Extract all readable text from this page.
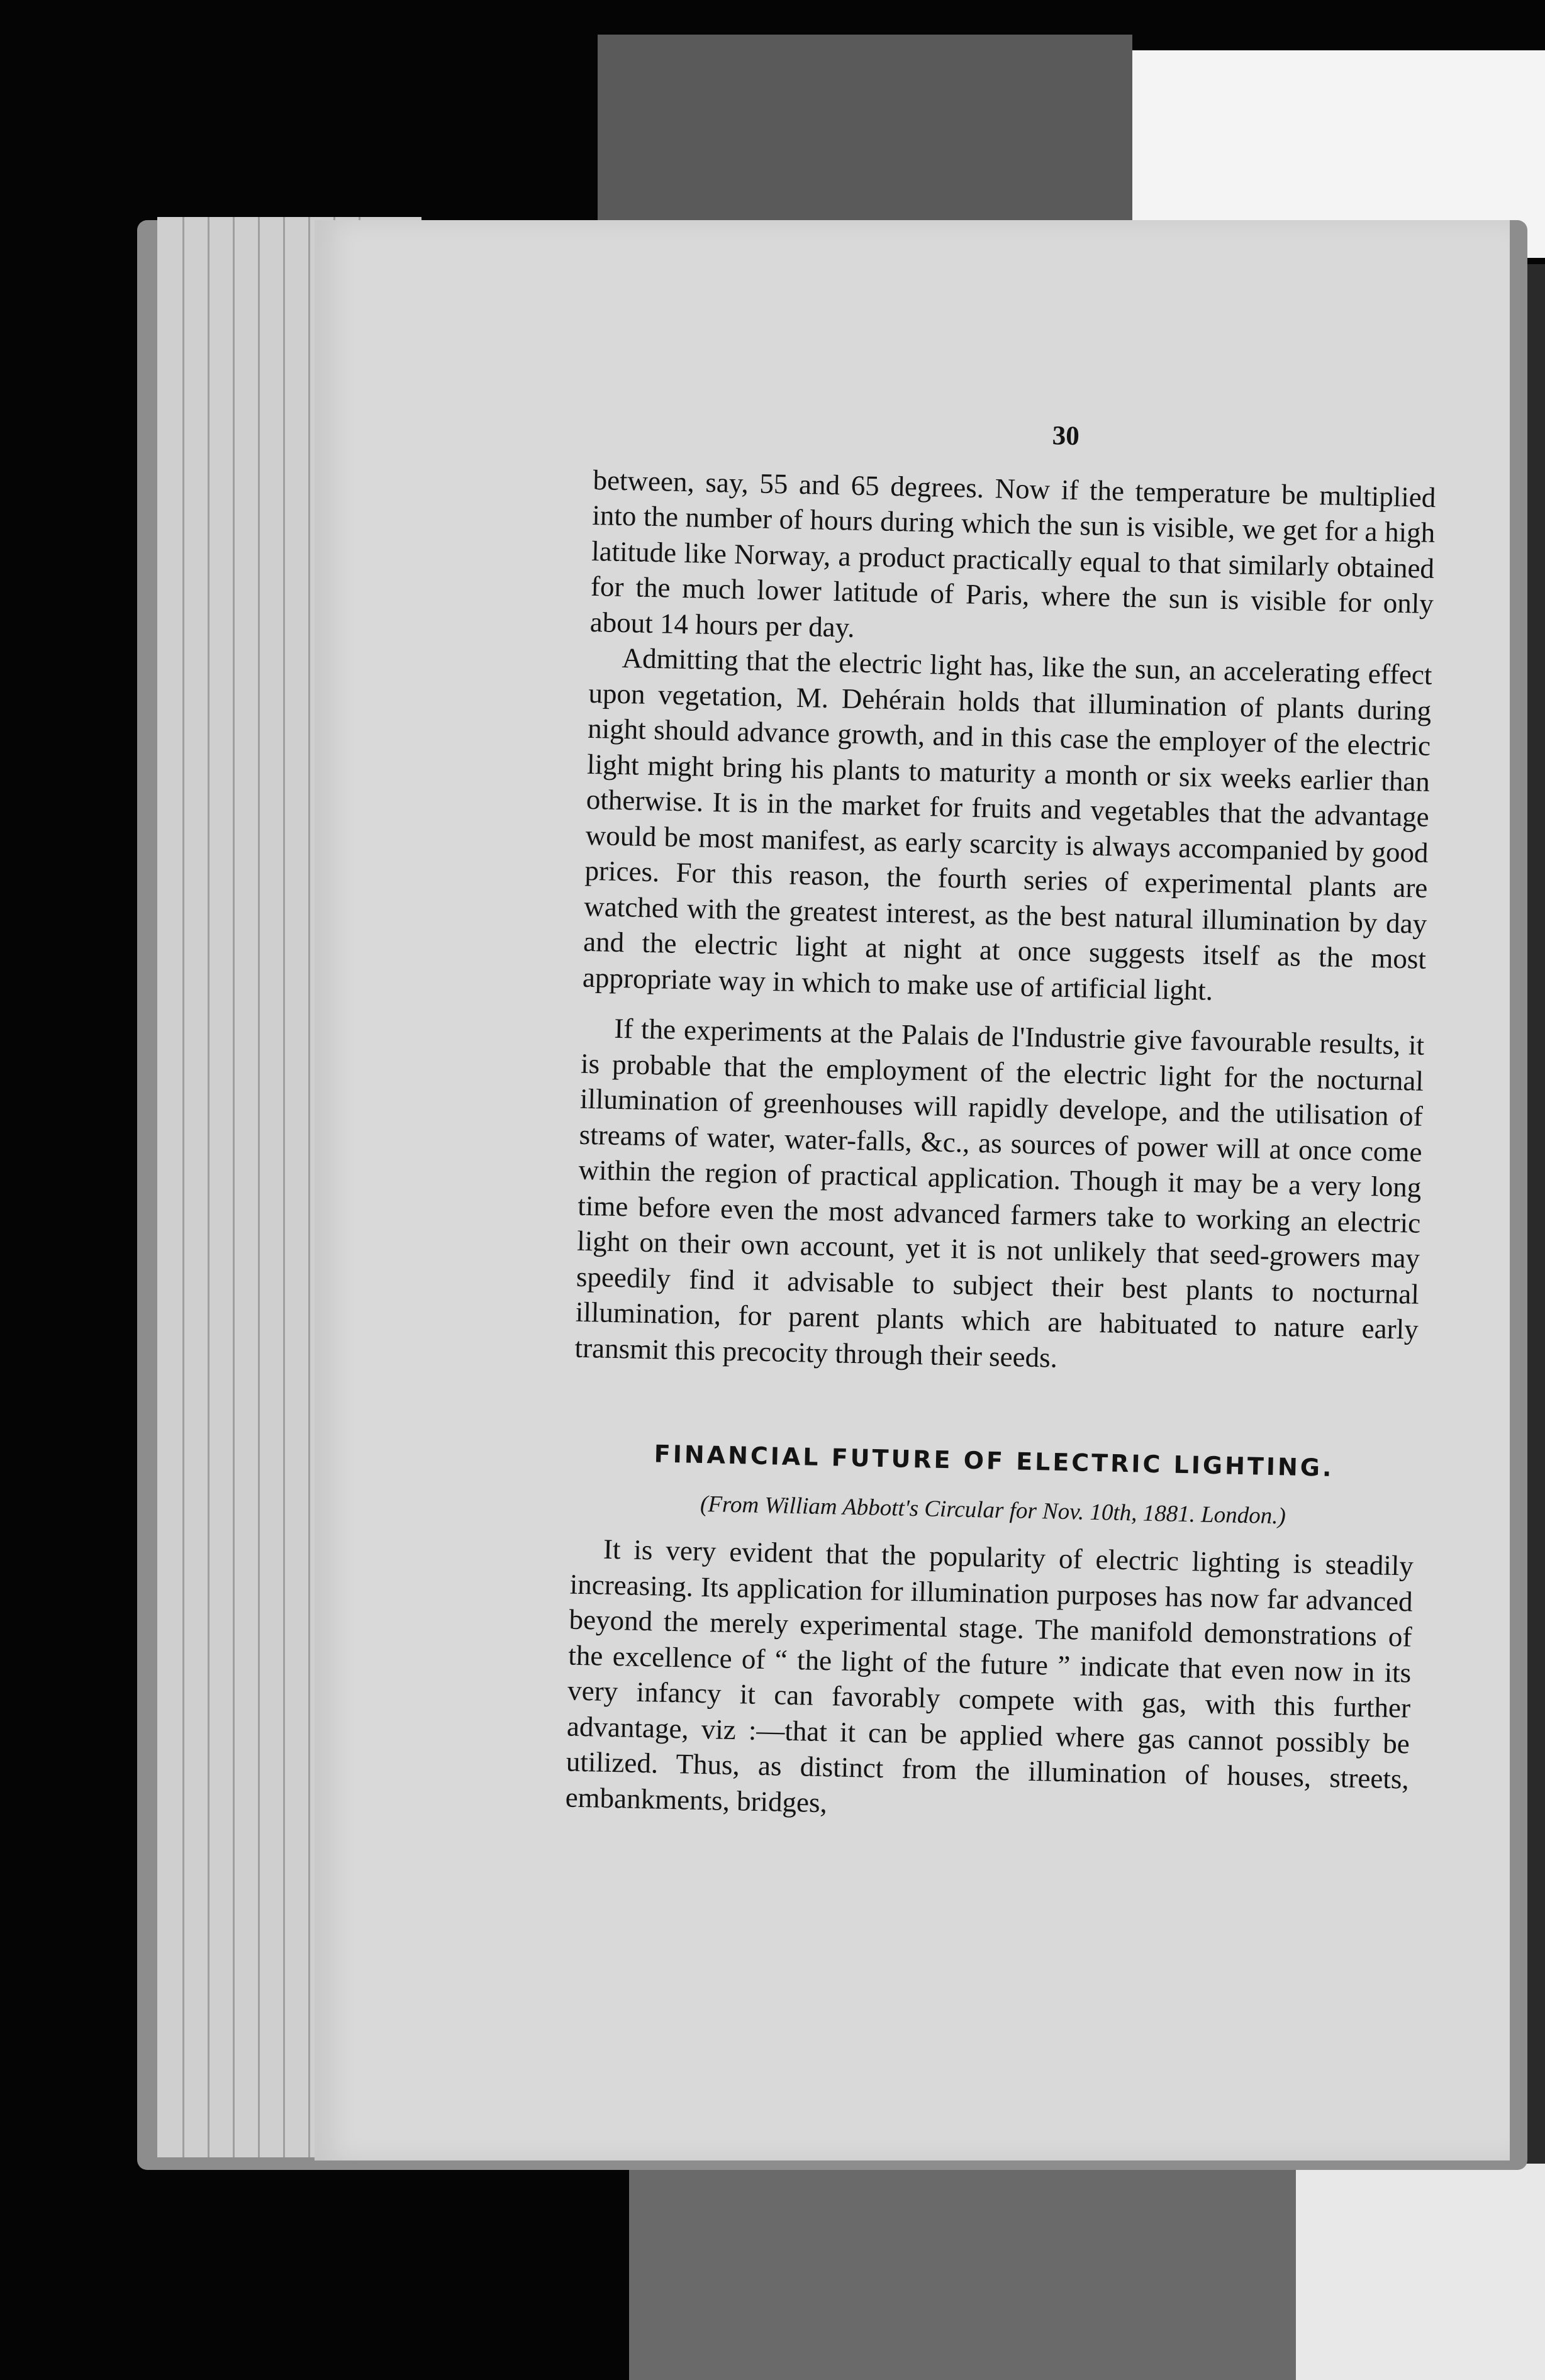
30

between, say, 55 and 65 degrees. Now if the temperature be multiplied into the number of hours during which the sun is visible, we get for a high latitude like Norway, a product practically equal to that similarly obtained for the much lower latitude of Paris, where the sun is visible for only about 14 hours per day.

Admitting that the electric light has, like the sun, an accelerating effect upon vegetation, M. Dehérain holds that illumination of plants during night should advance growth, and in this case the employer of the electric light might bring his plants to maturity a month or six weeks earlier than otherwise. It is in the market for fruits and vegetables that the advantage would be most manifest, as early scarcity is always accompanied by good prices. For this reason, the fourth series of experimental plants are watched with the greatest interest, as the best natural illumination by day and the electric light at night at once suggests itself as the most appropriate way in which to make use of artificial light.

If the experiments at the Palais de l'Industrie give favourable results, it is probable that the employment of the electric light for the nocturnal illumination of greenhouses will rapidly develope, and the utilisation of streams of water, water-falls, &c., as sources of power will at once come within the region of practical application. Though it may be a very long time before even the most advanced farmers take to working an electric light on their own account, yet it is not unlikely that seed-growers may speedily find it advisable to subject their best plants to nocturnal illumination, for parent plants which are habituated to nature early transmit this precocity through their seeds.

FINANCIAL FUTURE OF ELECTRIC LIGHTING.
(From William Abbott's Circular for Nov. 10th, 1881. London.)

It is very evident that the popularity of electric lighting is steadily increasing. Its application for illumination purposes has now far advanced beyond the merely experimental stage. The manifold demonstrations of the excellence of “ the light of the future ” indicate that even now in its very infancy it can favorably compete with gas, with this further advantage, viz :—that it can be applied where gas cannot possibly be utilized. Thus, as distinct from the illumination of houses, streets, embankments, bridges,
